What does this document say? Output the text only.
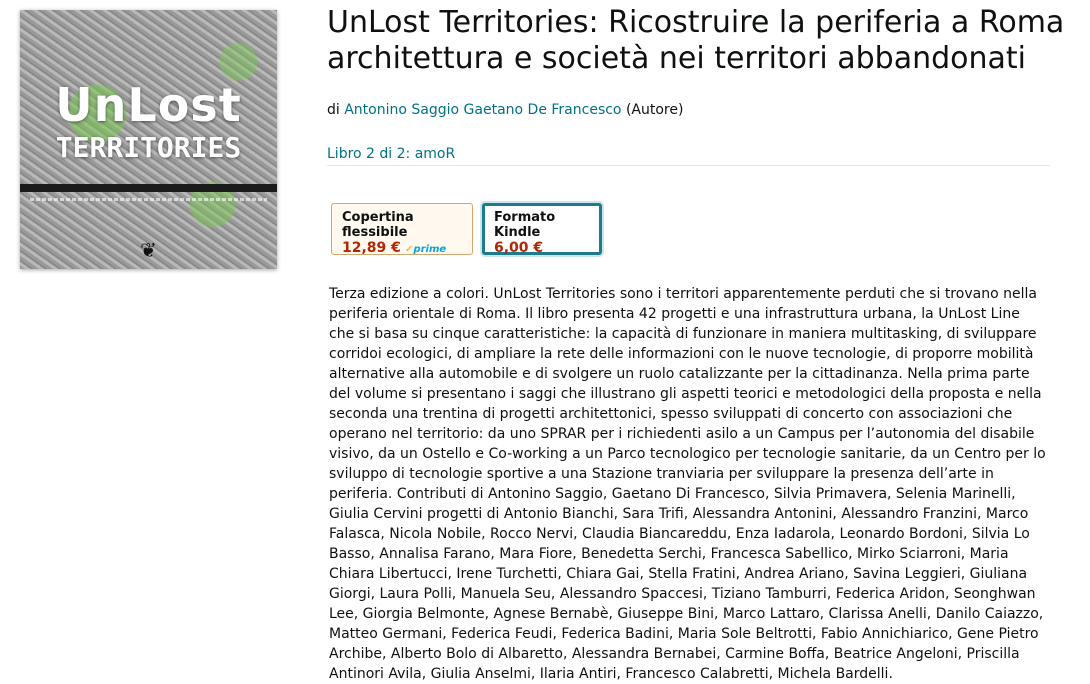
UnLost
TERRITORIES
❦
UnLost Territories: Ricostruire la periferia a Roma architettura e società nei territori abbandonati
di Antonino Saggio Gaetano De Francesco (Autore)
Libro 2 di 2: amoR
Copertina flessibile
12,89 € ✓prime
Formato Kindle
6,00 €

Terza edizione a colori. UnLost Territories sono i territori apparentemente perduti che si trovano nella periferia orientale di Roma. Il libro presenta 42 progetti e una infrastruttura urbana, la UnLost Line che si basa su cinque caratteristiche: la capacità di funzionare in maniera multitasking, di sviluppare corridoi ecologici, di ampliare la rete delle informazioni con le nuove tecnologie, di proporre mobilità alternative alla automobile e di svolgere un ruolo catalizzante per la cittadinanza. Nella prima parte del volume si presentano i saggi che illustrano gli aspetti teorici e metodologici della proposta e nella seconda una trentina di progetti architettonici, spesso sviluppati di concerto con associazioni che operano nel territorio: da uno SPRAR per i richiedenti asilo a un Campus per l’autonomia del disabile visivo, da un Ostello e Co-working a un Parco tecnologico per tecnologie sanitarie, da un Centro per lo sviluppo di tecnologie sportive a una Stazione tranviaria per sviluppare la presenza dell’arte in periferia. Contributi di Antonino Saggio, Gaetano Di Francesco, Silvia Primavera, Selenia Marinelli, Giulia Cervini progetti di Antonio Bianchi, Sara Trifi, Alessandra Antonini, Alessandro Franzini, Marco Falasca, Nicola Nobile, Rocco Nervi, Claudia Biancareddu, Enza Iadarola, Leonardo Bordoni, Silvia Lo Basso, Annalisa Farano, Mara Fiore, Benedetta Serchi, Francesca Sabellico, Mirko Sciarroni, Maria Chiara Libertucci, Irene Turchetti, Chiara Gai, Stella Fratini, Andrea Ariano, Savina Leggieri, Giuliana Giorgi, Laura Polli, Manuela Seu, Alessandro Spaccesi, Tiziano Tamburri, Federica Aridon, Seonghwan Lee, Giorgia Belmonte, Agnese Bernabè, Giuseppe Bini, Marco Lattaro, Clarissa Anelli, Danilo Caiazzo, Matteo Germani, Federica Feudi, Federica Badini, Maria Sole Beltrotti, Fabio Annichiarico, Gene Pietro Archibe, Alberto Bolo di Albaretto, Alessandra Bernabei, Carmine Boffa, Beatrice Angeloni, Priscilla Antinori Avila, Giulia Anselmi, Ilaria Antiri, Francesco Calabretti, Michela Bardelli.
